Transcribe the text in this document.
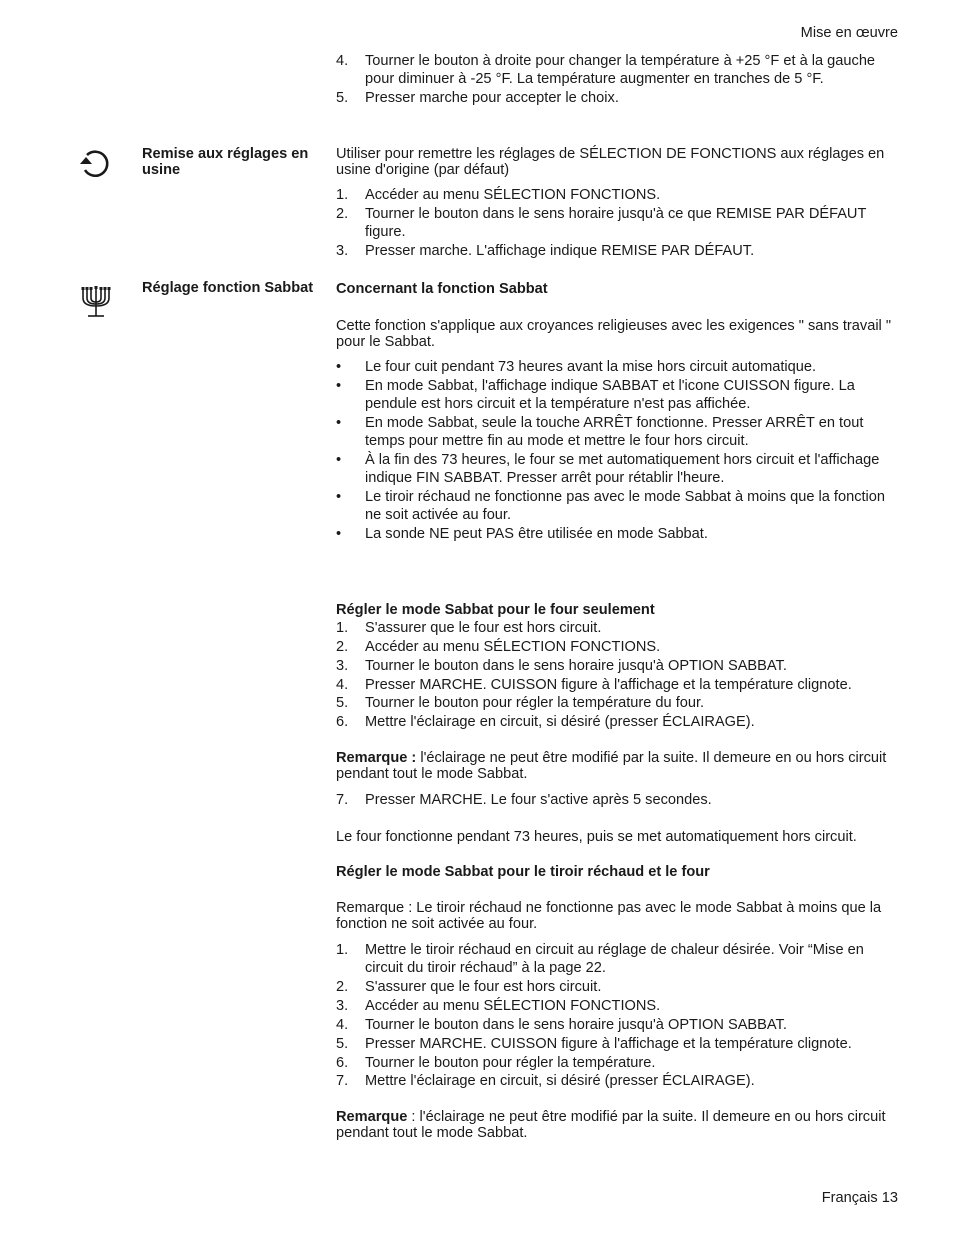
Mise en œuvre
Français 13
4. Tourner le bouton à droite pour changer la température à +25 °F et à la gauche pour diminuer à -25 °F. La température augmenter en tranches de 5 °F.
5. Presser marche pour accepter le choix.
Remise aux réglages en usine

Utiliser pour remettre les réglages de SÉLECTION DE FONCTIONS aux réglages en usine d'origine (par défaut)

1. Accéder au menu SÉLECTION FONCTIONS.
2. Tourner le bouton dans le sens horaire jusqu'à ce que REMISE PAR DÉFAUT figure.
3. Presser marche. L'affichage indique REMISE PAR DÉFAUT.
Réglage fonction Sabbat	Concernant la fonction Sabbat

Cette fonction s'applique aux croyances religieuses avec les exigences " sans travail " pour le Sabbat.

• Le four cuit pendant 73 heures avant la mise hors circuit automatique.
• En mode Sabbat, l'affichage indique SABBAT et l'icone CUISSON figure. La pendule est hors circuit et la température n'est pas affichée.
• En mode Sabbat, seule la touche ARRÊT fonctionne. Presser ARRÊT en tout temps pour mettre fin au mode et mettre le four hors circuit.
• À la fin des 73 heures, le four se met automatiquement hors circuit et l'affichage indique FIN SABBAT. Presser arrêt pour rétablir l'heure.
• Le tiroir réchaud ne fonctionne pas avec le mode Sabbat à moins que la fonction ne soit activée au four.
• La sonde NE peut PAS être utilisée en mode Sabbat.
Régler le mode Sabbat pour le four seulement
1. S'assurer que le four est hors circuit.
2. Accéder au menu SÉLECTION FONCTIONS.
3. Tourner le bouton dans le sens horaire jusqu'à OPTION SABBAT.
4. Presser MARCHE. CUISSON figure à l'affichage et la température clignote.
5. Tourner le bouton pour régler la température du four.
6. Mettre l'éclairage en circuit, si désiré (presser ÉCLAIRAGE).

Remarque : l'éclairage ne peut être modifié par la suite. Il demeure en ou hors circuit pendant tout le mode Sabbat.

7. Presser MARCHE. Le four s'active après 5 secondes.

Le four fonctionne pendant 73 heures, puis se met automatiquement hors circuit.

Régler le mode Sabbat pour le tiroir réchaud et le four

Remarque : Le tiroir réchaud ne fonctionne pas avec le mode Sabbat à moins que la fonction ne soit activée au four.

1. Mettre le tiroir réchaud en circuit au réglage de chaleur désirée. Voir “Mise en circuit du tiroir réchaud” à la page 22.
2. S'assurer que le four est hors circuit.
3. Accéder au menu SÉLECTION FONCTIONS.
4. Tourner le bouton dans le sens horaire jusqu'à OPTION SABBAT.
5. Presser MARCHE. CUISSON figure à l'affichage et la température clignote.
6. Tourner le bouton pour régler la température.
7. Mettre l'éclairage en circuit, si désiré (presser ÉCLAIRAGE).

Remarque : l'éclairage ne peut être modifié par la suite. Il demeure en ou hors circuit pendant tout le mode Sabbat.
